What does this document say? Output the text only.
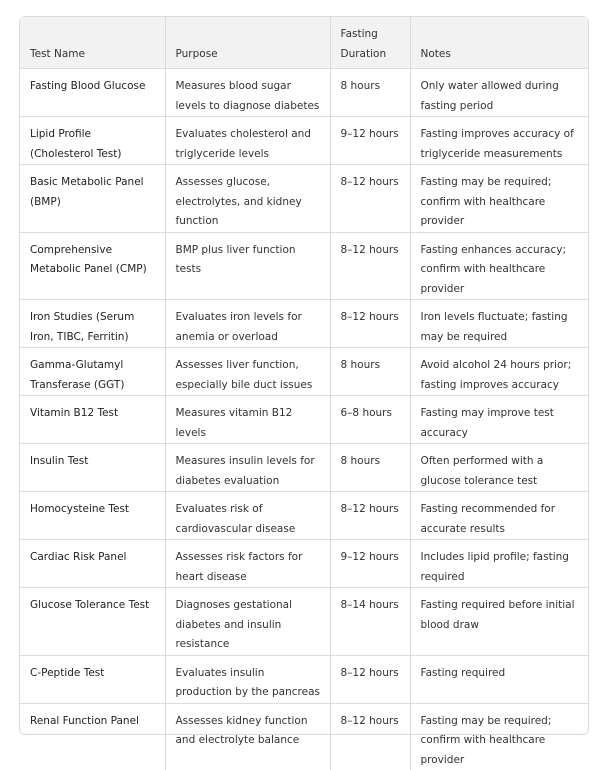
Test Name	Purpose	Fasting Duration	Notes
Fasting Blood Glucose	Measures blood sugar levels to diagnose diabetes	8 hours	Only water allowed during fasting period
Lipid Profile (Cholesterol Test)	Evaluates cholesterol and triglyceride levels	9–12 hours	Fasting improves accuracy of triglyceride measurements
Basic Metabolic Panel (BMP)	Assesses glucose, electrolytes, and kidney function	8–12 hours	Fasting may be required; confirm with healthcare provider
Comprehensive Metabolic Panel (CMP)	BMP plus liver function tests	8–12 hours	Fasting enhances accuracy; confirm with healthcare provider
Iron Studies (Serum Iron, TIBC, Ferritin)	Evaluates iron levels for anemia or overload	8–12 hours	Iron levels fluctuate; fasting may be required
Gamma-Glutamyl Transferase (GGT)	Assesses liver function, especially bile duct issues	8 hours	Avoid alcohol 24 hours prior; fasting improves accuracy
Vitamin B12 Test	Measures vitamin B12 levels	6–8 hours	Fasting may improve test accuracy
Insulin Test	Measures insulin levels for diabetes evaluation	8 hours	Often performed with a glucose tolerance test
Homocysteine Test	Evaluates risk of cardiovascular disease	8–12 hours	Fasting recommended for accurate results
Cardiac Risk Panel	Assesses risk factors for heart disease	9–12 hours	Includes lipid profile; fasting required
Glucose Tolerance Test	Diagnoses gestational diabetes and insulin resistance	8–14 hours	Fasting required before initial blood draw
C-Peptide Test	Evaluates insulin production by the pancreas	8–12 hours	Fasting required
Renal Function Panel	Assesses kidney function and electrolyte balance	8–12 hours	Fasting may be required; confirm with healthcare provider
